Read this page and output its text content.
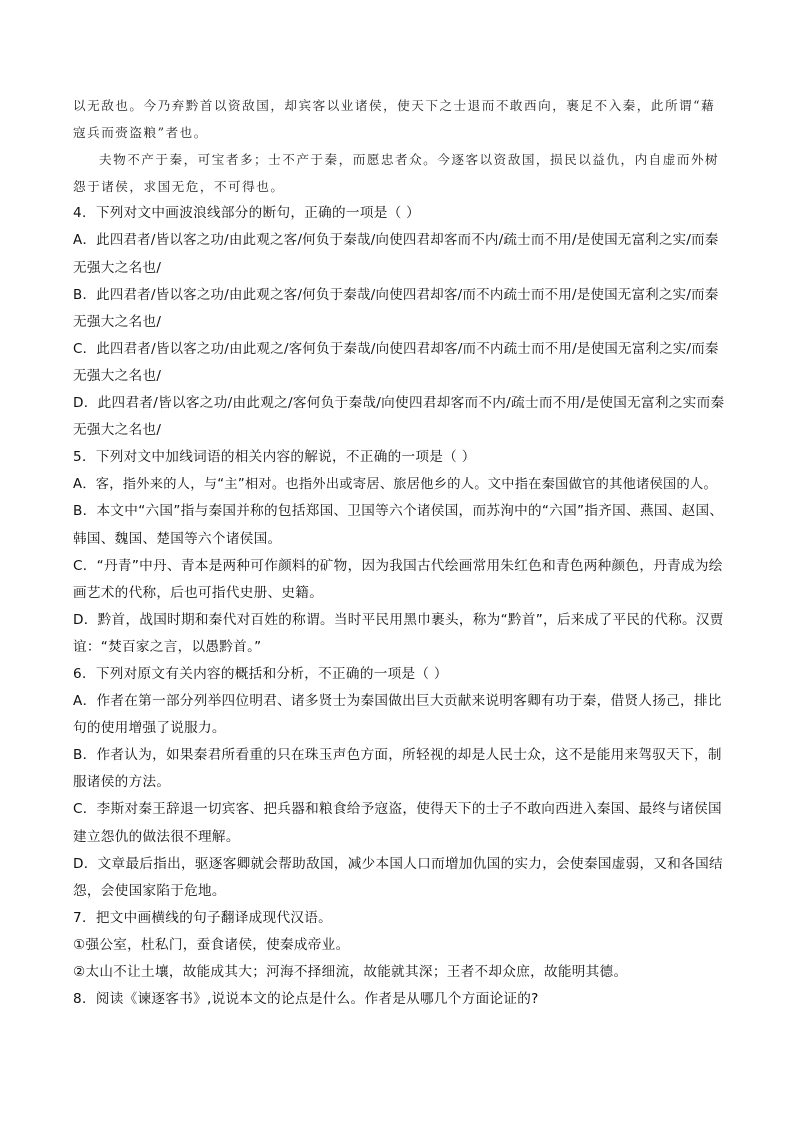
以无敌也。今乃弃黔首以资敌国，却宾客以业诸侯，使天下之士退而不敢西向，裹足不入秦，此所谓“藉
寇兵而赍盗粮”者也。
夫物不产于秦，可宝者多；士不产于秦，而愿忠者众。今逐客以资敌国，损民以益仇，内自虚而外树
怨于诸侯，求国无危，不可得也。
4．下列对文中画波浪线部分的断句，正确的一项是（ ）
A．此四君者/皆以客之功/由此观之客/何负于秦哉/向使四君却客而不内/疏士而不用/是使国无富利之实/而秦
无强大之名也/
B．此四君者/皆以客之功/由此观之客/何负于秦哉/向使四君却客/而不内疏士而不用/是使国无富利之实/而秦
无强大之名也/
C．此四君者/皆以客之功/由此观之/客何负于秦哉/向使四君却客/而不内疏士而不用/是使国无富利之实/而秦
无强大之名也/
D．此四君者/皆以客之功/由此观之/客何负于秦哉/向使四君却客而不内/疏士而不用/是使国无富利之实而秦
无强大之名也/
5．下列对文中加线词语的相关内容的解说，不正确的一项是（ ）
A．客，指外来的人，与“主”相对。也指外出或寄居、旅居他乡的人。文中指在秦国做官的其他诸侯国的人。
B．本文中“六国”指与秦国并称的包括郑国、卫国等六个诸侯国，而苏洵中的“六国”指齐国、燕国、赵国、
韩国、魏国、楚国等六个诸侯国。
C．“丹青”中丹、青本是两种可作颜料的矿物，因为我国古代绘画常用朱红色和青色两种颜色，丹青成为绘
画艺术的代称，后也可指代史册、史籍。
D．黔首，战国时期和秦代对百姓的称谓。当时平民用黑巾裹头，称为“黔首”，后来成了平民的代称。汉贾
谊：“焚百家之言，以愚黔首。”
6．下列对原文有关内容的概括和分析，不正确的一项是（ ）
A．作者在第一部分列举四位明君、诸多贤士为秦国做出巨大贡献来说明客卿有功于秦，借贤人扬己，排比
句的使用增强了说服力。
B．作者认为，如果秦君所看重的只在珠玉声色方面，所轻视的却是人民士众，这不是能用来驾驭天下，制
服诸侯的方法。
C．李斯对秦王辞退一切宾客、把兵器和粮食给予寇盗，使得天下的士子不敢向西进入秦国、最终与诸侯国
建立怨仇的做法很不理解。
D．文章最后指出，驱逐客卿就会帮助敌国，减少本国人口而增加仇国的实力，会使秦国虚弱，又和各国结
怨，会使国家陷于危地。
7．把文中画横线的句子翻译成现代汉语。
①强公室，杜私门，蚕食诸侯，使秦成帝业。
②太山不让土壤，故能成其大；河海不择细流，故能就其深；王者不却众庶，故能明其德。
8．阅读《谏逐客书》,说说本文的论点是什么。作者是从哪几个方面论证的?
